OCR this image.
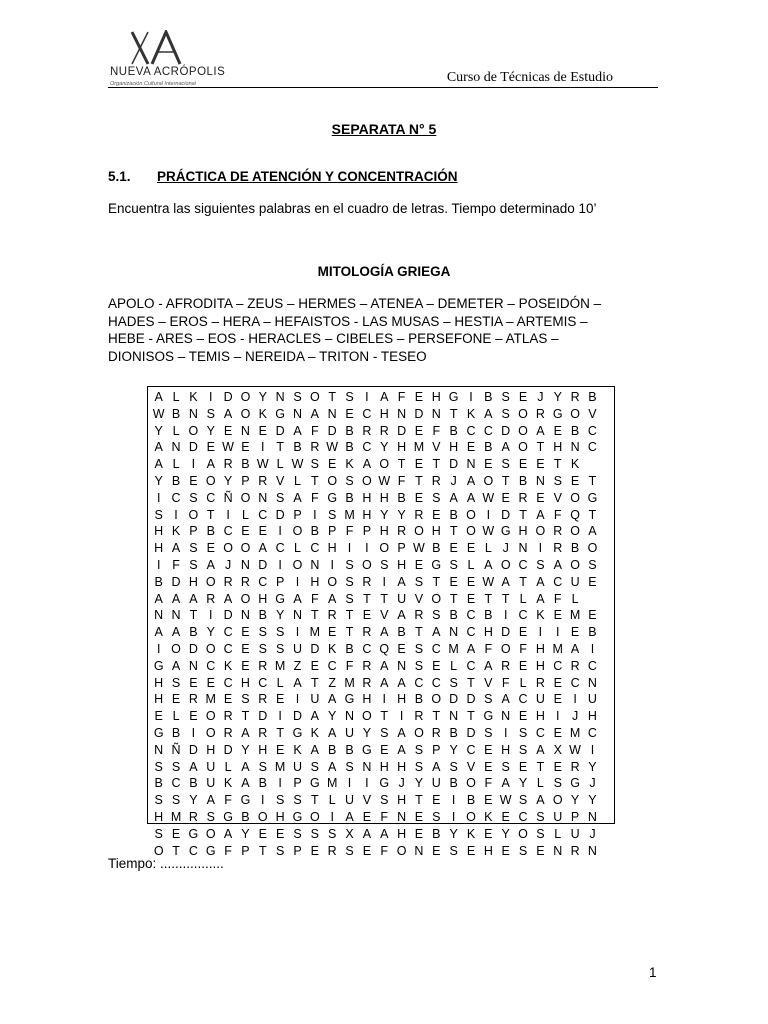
NUEVA ACRÓPOLIS
Organización Cultural Internacional	Curso de Técnicas de Estudio
SEPARATA N° 5
5.1. PRÁCTICA DE ATENCIÓN Y CONCENTRACIÓN
Encuentra las siguientes palabras en el cuadro de letras. Tiempo determinado 10’
MITOLOGÍA GRIEGA
APOLO - AFRODITA – ZEUS – HERMES – ATENEA – DEMETER – POSEIDÓN –
HADES – EROS – HERA – HEFAISTOS - LAS MUSAS – HESTIA – ARTEMIS –
HEBE - ARES – EOS - HERACLES – CIBELES – PERSEFONE – ATLAS –
DIONISOS – TEMIS – NEREIDA – TRITON - TESEO
A L K I D O Y N S O T S I A F E H G I B S E J Y R B
W B N S A O K G N A N E C H N D N T K A S O R G O V
Y L O Y E N E D A F D B R R D E F B C C D O A E B C
A N D E W E I T B R W B C Y H M V H E B A O T H N C
A L I A R B W L W S E K A O T E T D N E S E E T K
Y B E O Y P R V L T O S O W F T R J A O T B N S E T
I C S C Ñ O N S A F G B H H B E S A A W E R E V O G
S I O T I L C D P I S M H Y Y R E B O I D T A F Q T
H K P B C E E I O B P F P H R O H T O W G H O R O A
H A S E O O A C L C H I	I O P W B E E L J N I R B O
I F S A J N D I O N I S O S H E G S L A O C S A O S
B D H O R R C P I H O S R I A S T E E W A T A C U E
A A A R A O H G A F A S T T U V O T E T T L A F L
N N T I D N B Y N T R T E V A R S B C B I C K E M E
A A B Y C E S S I M E T R A B T A N C H D E I	I E B
I O D O C E S S U D K B C Q E S C M A F O F H M A I
G A N C K E R M Z E C F R A N S E L C A R E H C R C
H S E E C H C L A T Z M R A A C C S T V F L R E C N
H E R M E S R E I U A G H I H B O D D S A C U E I U
E L E O R T D I D A Y N O T I R T N T G N E H I J H
G B I O R A R T G K A U Y S A O R B D S I S C E M C
N Ñ D H D Y H E K A B B G E A S P Y C E H S A X W I
S S A U L A S M U S A S N H H S A S V E S E T E R Y
B C B U K A B I P G M I	I G J Y U B O F A Y L S G J
S S Y A F G I S S T L U V S H T E I B E W S A O Y Y
H M R S G B O H G O I A E F N E S I O K E C S U P N
S E G O A Y E E S S S X A A H E B Y K E Y O S L U J
O T C G F P T S P E R S E F O N E S E H E S E N R N
Tiempo: .................
1
